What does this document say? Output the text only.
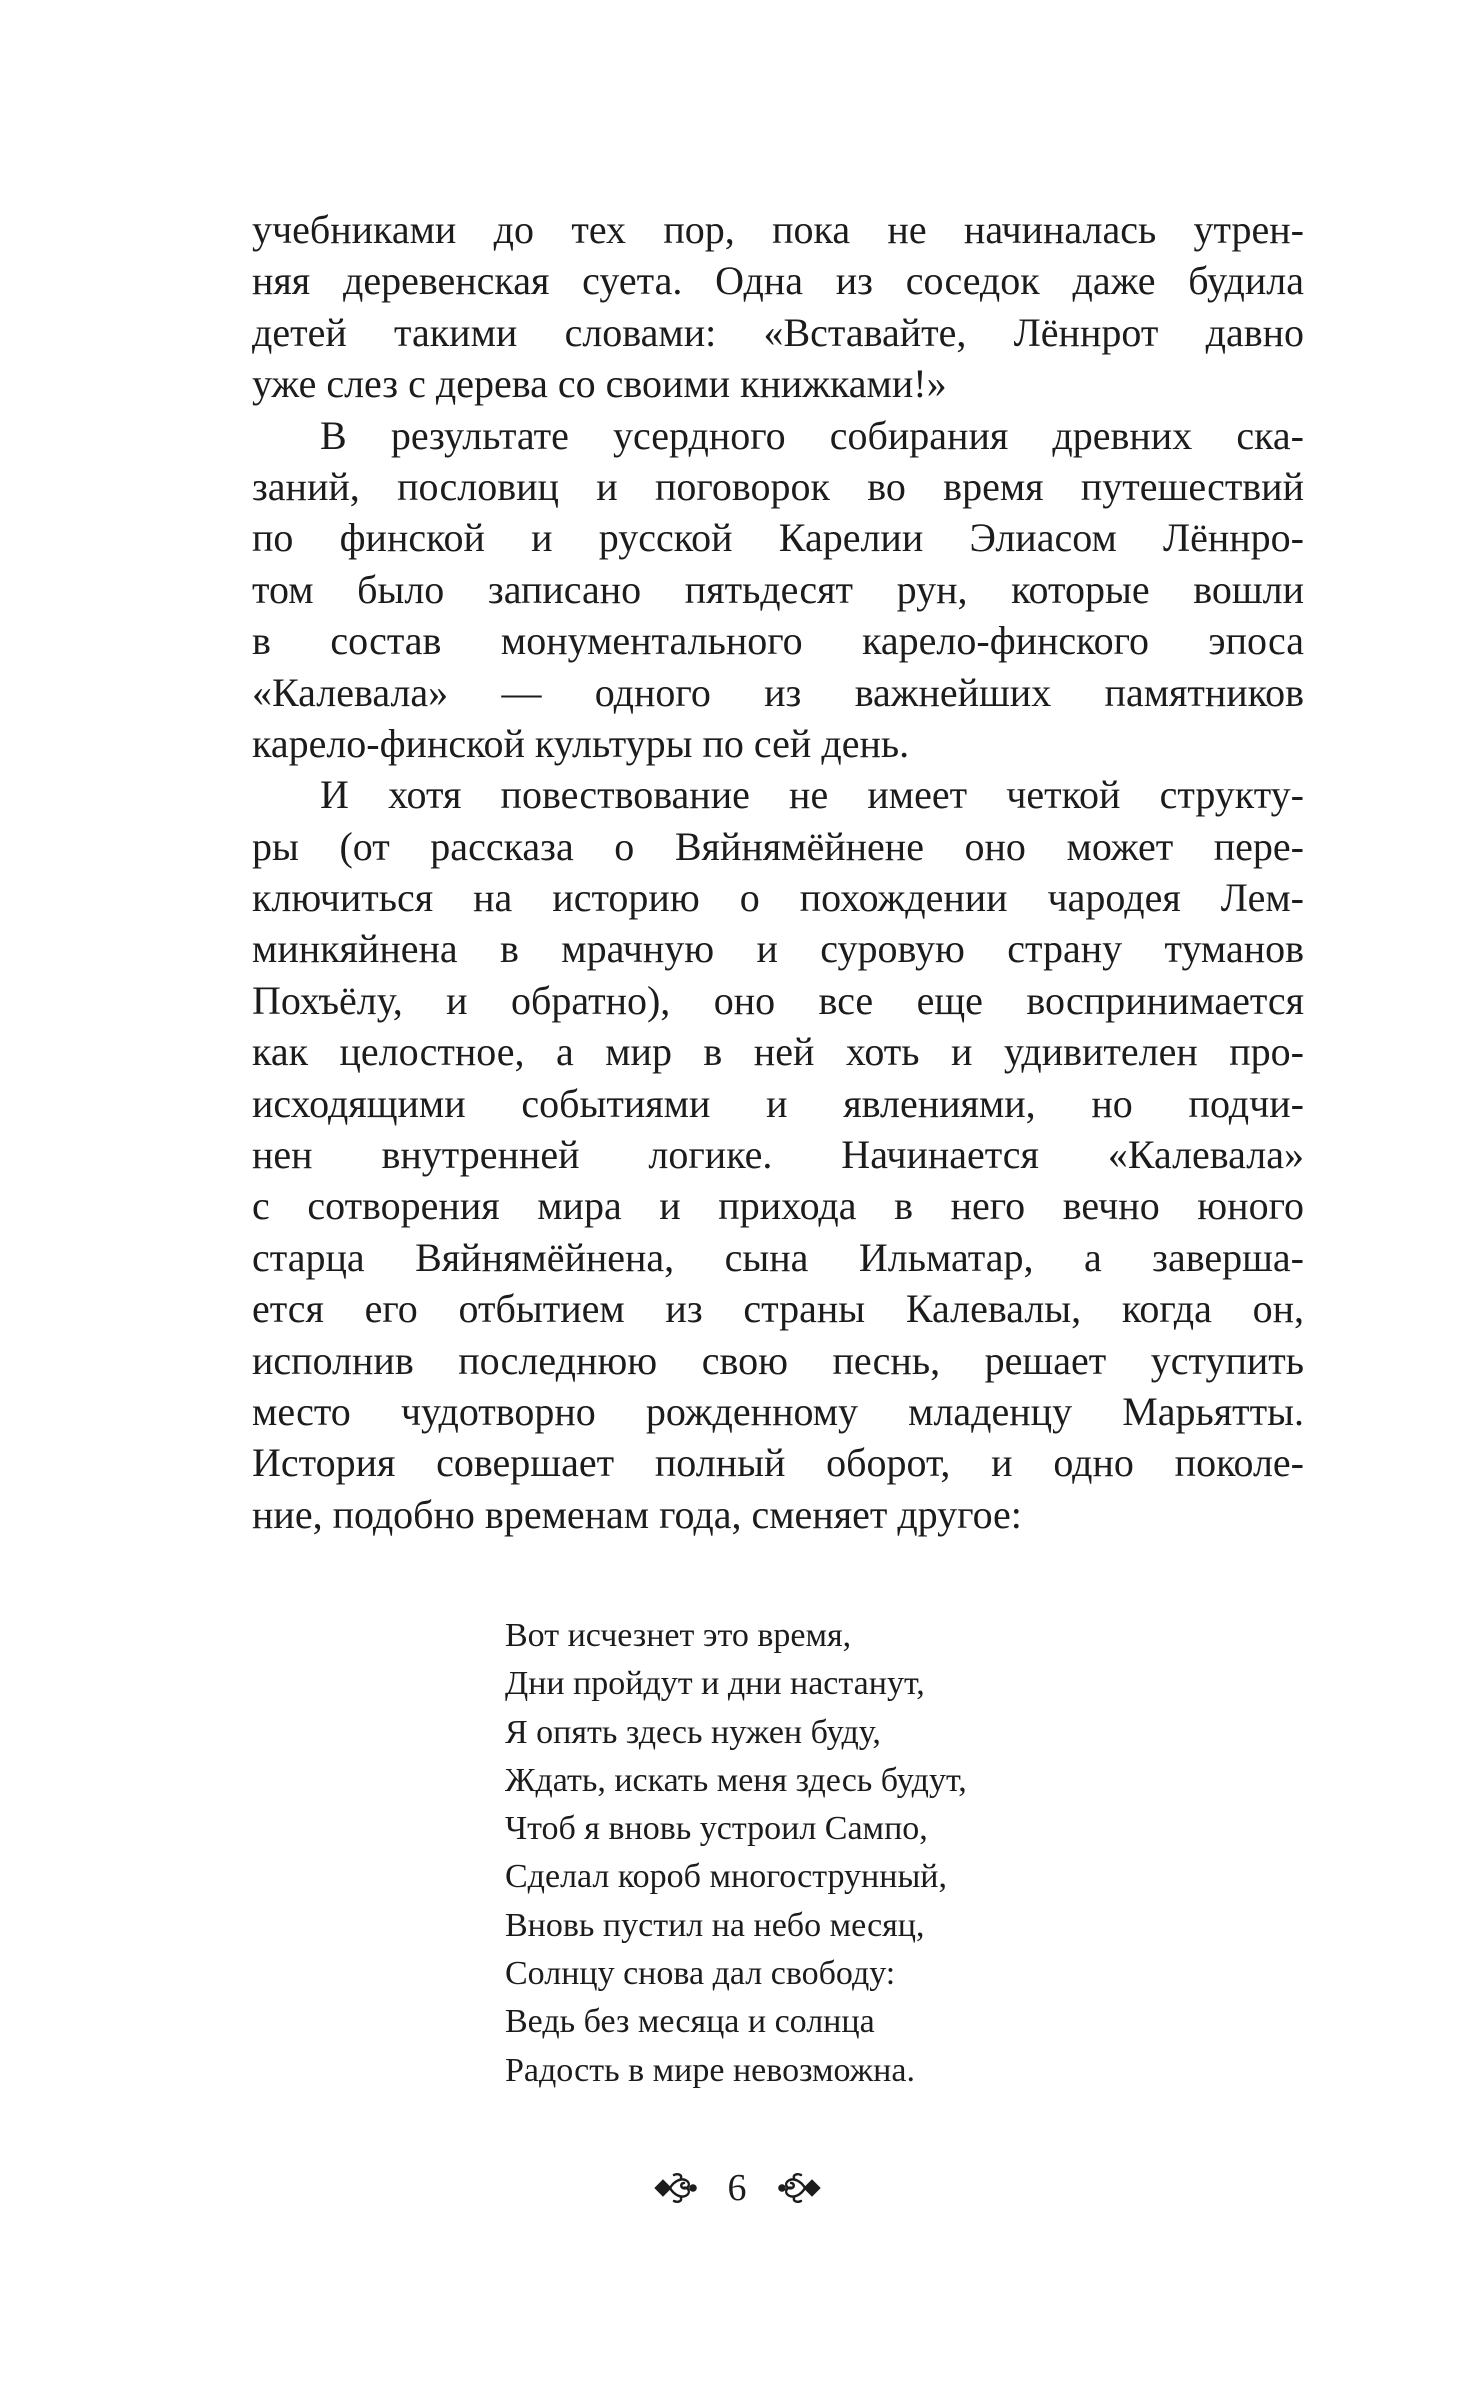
учебниками до тех пор, пока не начиналась утрен-
няя деревенская суета. Одна из соседок даже будила
детей такими словами: «Вставайте, Лённрот давно
уже слез с дерева со своими книжками!»
В результате усердного собирания древних ска-
заний, пословиц и поговорок во время путешествий
по финской и русской Карелии Элиасом Лённро-
том было записано пятьдесят рун, которые вошли
в состав монументального карело-финского эпоса
«Калевала» — одного из важнейших памятников
карело-финской культуры по сей день.
И хотя повествование не имеет четкой структу-
ры (от рассказа о Вяйнямёйнене оно может пере-
ключиться на историю о похождении чародея Лем-
минкяйнена в мрачную и суровую страну туманов
Похъёлу, и обратно), оно все еще воспринимается
как целостное, а мир в ней хоть и удивителен про-
исходящими событиями и явлениями, но подчи-
нен внутренней логике. Начинается «Калевала»
с сотворения мира и прихода в него вечно юного
старца Вяйнямёйнена, сына Ильматар, а заверша-
ется его отбытием из страны Калевалы, когда он,
исполнив последнюю свою песнь, решает уступить
место чудотворно рожденному младенцу Марьятты.
История совершает полный оборот, и одно поколе-
ние, подобно временам года, сменяет другое:
Вот исчезнет это время,
Дни пройдут и дни настанут,
Я опять здесь нужен буду,
Ждать, искать меня здесь будут,
Чтоб я вновь устроил Сампо,
Сделал короб многострунный,
Вновь пустил на небо месяц,
Солнцу снова дал свободу:
Ведь без месяца и солнца
Радость в мире невозможна.
6
